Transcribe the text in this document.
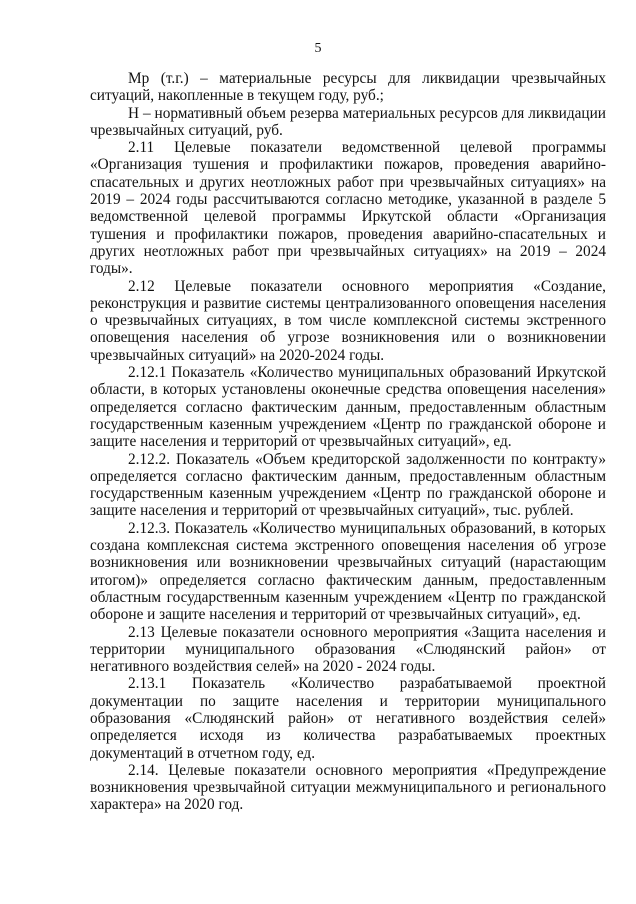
5

Мр (т.г.) – материальные ресурсы для ликвидации чрезвычайных ситуаций, накопленные в текущем году, руб.;

Н – нормативный объем резерва материальных ресурсов для ликвидации чрезвычайных ситуаций, руб.

2.11 Целевые показатели ведомственной целевой программы «Организация тушения и профилактики пожаров, проведения аварийно-спасательных и других неотложных работ при чрезвычайных ситуациях» на 2019 – 2024 годы рассчитываются согласно методике, указанной в разделе 5 ведомственной целевой программы Иркутской области «Организация тушения и профилактики пожаров, проведения аварийно-спасательных и других неотложных работ при чрезвычайных ситуациях» на 2019 – 2024 годы».

2.12 Целевые показатели основного мероприятия «Создание, реконструкция и развитие системы централизованного оповещения населения о чрезвычайных ситуациях, в том числе комплексной системы экстренного оповещения населения об угрозе возникновения или о возникновении чрезвычайных ситуаций» на 2020-2024 годы.

2.12.1 Показатель «Количество муниципальных образований Иркутской области, в которых установлены оконечные средства оповещения населения» определяется согласно фактическим данным, предоставленным областным государственным казенным учреждением «Центр по гражданской обороне и защите населения и территорий от чрезвычайных ситуаций», ед.

2.12.2. Показатель «Объем кредиторской задолженности по контракту» определяется согласно фактическим данным, предоставленным областным государственным казенным учреждением «Центр по гражданской обороне и защите населения и территорий от чрезвычайных ситуаций», тыс. рублей.

2.12.3. Показатель «Количество муниципальных образований, в которых создана комплексная система экстренного оповещения населения об угрозе возникновения или возникновении чрезвычайных ситуаций (нарастающим итогом)» определяется согласно фактическим данным, предоставленным областным государственным казенным учреждением «Центр по гражданской обороне и защите населения и территорий от чрезвычайных ситуаций», ед.

2.13 Целевые показатели основного мероприятия «Защита населения и территории муниципального образования «Слюдянский район» от негативного воздействия селей» на 2020 - 2024 годы.

2.13.1 Показатель «Количество разрабатываемой проектной документации по защите населения и территории муниципального образования «Слюдянский район» от негативного воздействия селей» определяется исходя из количества разрабатываемых проектных документаций в отчетном году, ед.

2.14. Целевые показатели основного мероприятия «Предупреждение возникновения чрезвычайной ситуации межмуниципального и регионального характера» на 2020 год.
